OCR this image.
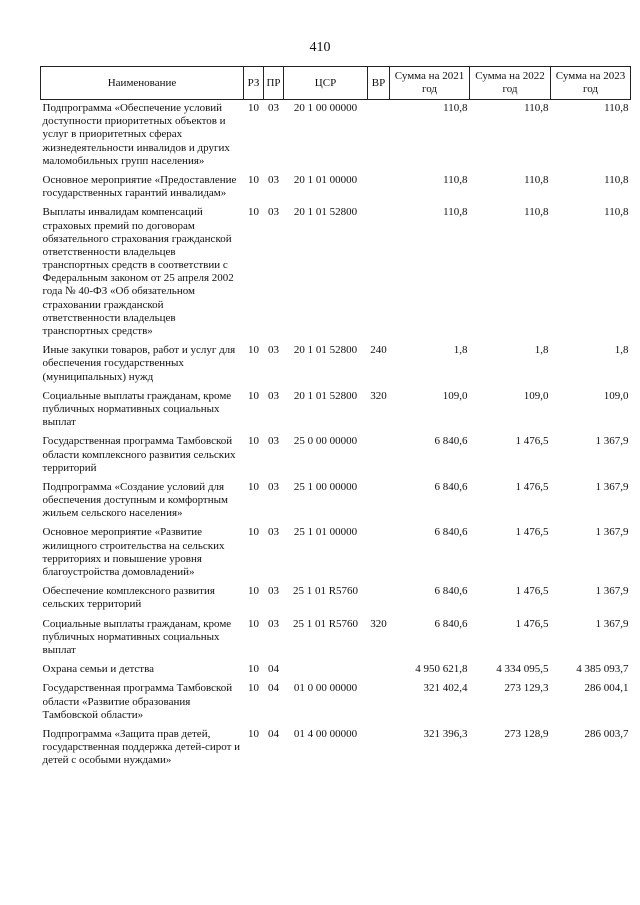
410
Наименование	РЗ	ПР	ЦСР	ВР	Сумма на 2021 год	Сумма на 2022 год	Сумма на 2023 год
Подпрограмма «Обеспечение условий доступности приоритетных объектов и услуг в приоритетных сферах жизнедеятельности инвалидов и других маломобильных групп населения»	10	03	20 1 00 00000		110,8	110,8	110,8
Основное мероприятие «Предоставление государственных гарантий инвалидам»	10	03	20 1 01 00000		110,8	110,8	110,8
Выплаты инвалидам компенсаций страховых премий по договорам обязательного страхования гражданской ответственности владельцев транспортных средств в соответствии с Федеральным законом от 25 апреля 2002 года № 40-ФЗ «Об обязательном страховании гражданской ответственности владельцев транспортных средств»	10	03	20 1 01 52800		110,8	110,8	110,8
Иные закупки товаров, работ и услуг для обеспечения государственных (муниципальных) нужд	10	03	20 1 01 52800	240	1,8	1,8	1,8
Социальные выплаты гражданам, кроме публичных нормативных социальных выплат	10	03	20 1 01 52800	320	109,0	109,0	109,0
Государственная программа Тамбовской области комплексного развития сельских территорий	10	03	25 0 00 00000		6 840,6	1 476,5	1 367,9
Подпрограмма «Создание условий для обеспечения доступным и комфортным жильем сельского населения»	10	03	25 1 00 00000		6 840,6	1 476,5	1 367,9
Основное мероприятие «Развитие жилищного строительства на сельских территориях и повышение уровня благоустройства домовладений»	10	03	25 1 01 00000		6 840,6	1 476,5	1 367,9
Обеспечение комплексного развития сельских территорий	10	03	25 1 01 R5760		6 840,6	1 476,5	1 367,9
Социальные выплаты гражданам, кроме публичных нормативных социальных выплат	10	03	25 1 01 R5760	320	6 840,6	1 476,5	1 367,9
Охрана семьи и детства	10	04			4 950 621,8	4 334 095,5	4 385 093,7
Государственная программа Тамбовской области «Развитие образования Тамбовской области»	10	04	01 0 00 00000		321 402,4	273 129,3	286 004,1
Подпрограмма «Защита прав детей, государственная поддержка детей-сирот и детей с особыми нуждами»	10	04	01 4 00 00000		321 396,3	273 128,9	286 003,7
